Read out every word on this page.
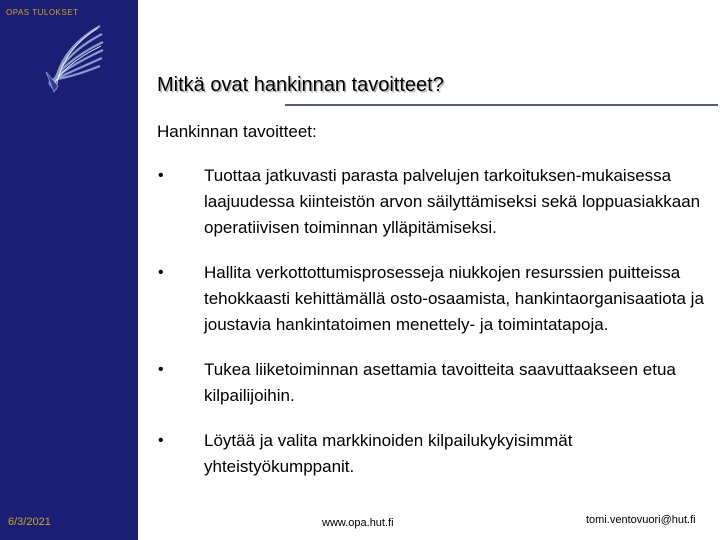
OPAS TULOKSET
6/3/2021
Mitkä ovat hankinnan tavoitteet?
Hankinnan tavoitteet:
•	Tuottaa jatkuvasti parasta palvelujen tarkoituksen-mukaisessa laajuudessa kiinteistön arvon säilyttämiseksi sekä loppuasiakkaan operatiivisen toiminnan ylläpitämiseksi.
•	Hallita verkottottumisprosesseja niukkojen resurssien puitteissa tehokkaasti kehittämällä osto-osaamista, hankintaorganisaatiota ja joustavia hankintatoimen menettely- ja toimintatapoja.
•	Tukea liiketoiminnan asettamia tavoitteita saavuttaakseen etua kilpailijoihin.
•	Löytää ja valita markkinoiden kilpailukykyisimmät yhteistyökumppanit.
www.opa.hut.fi	tomi.ventovuori@hut.fi
